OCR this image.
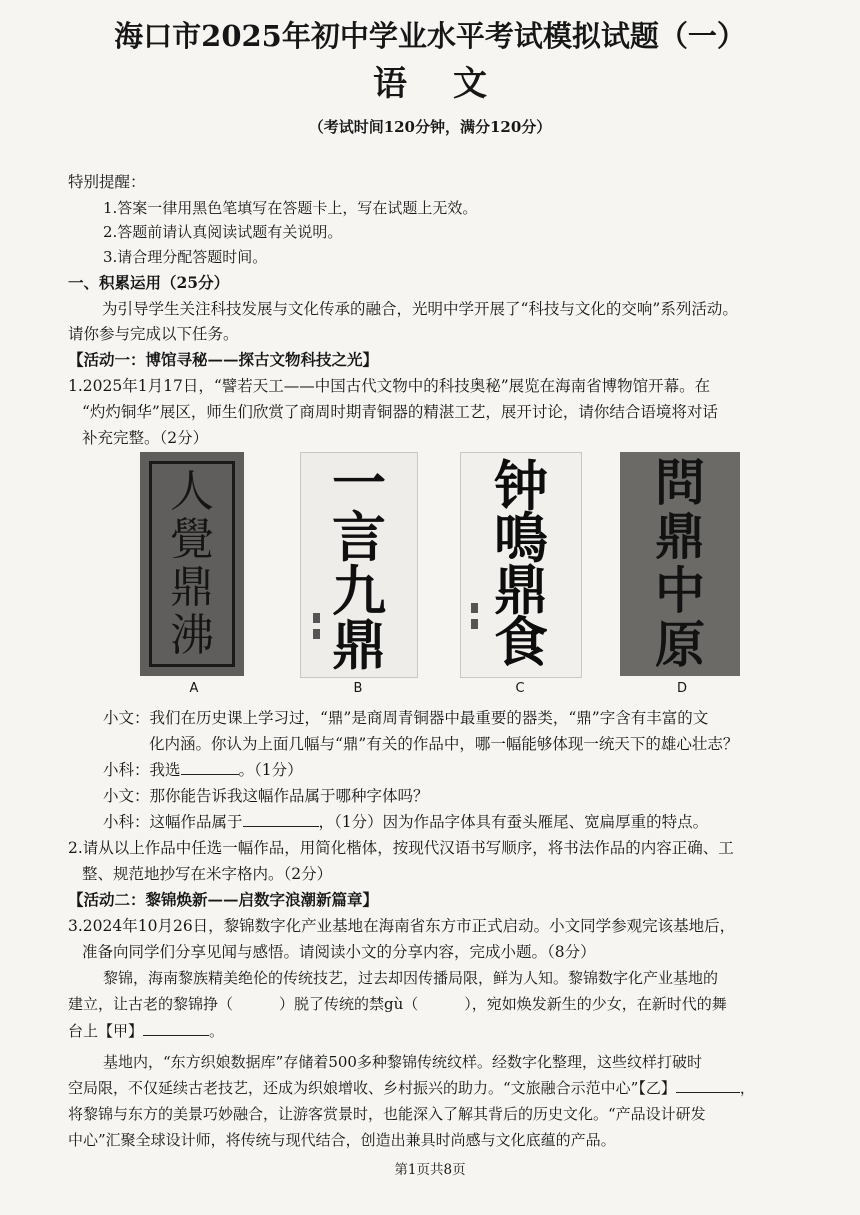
海口市2025年初中学业水平考试模拟试题（一）
语文
（考试时间120分钟，满分120分）
特别提醒：
1.答案一律用黑色笔填写在答题卡上，写在试题上无效。
2.答题前请认真阅读试题有关说明。
3.请合理分配答题时间。
一、积累运用（25分）
为引导学生关注科技发展与文化传承的融合，光明中学开展了“科技与文化的交响”系列活动。
请你参与完成以下任务。
【活动一：博馆寻秘——探古文物科技之光】
1.2025年1月17日，“譬若天工——中国古代文物中的科技奥秘”展览在海南省博物馆开幕。在
“灼灼铜华”展区，师生们欣赏了商周时期青铜器的精湛工艺，展开讨论，请你结合语境将对话
补充完整。（2分）
人
覺
鼎
沸
一
言
九
鼎
钟
鳴
鼎
食
問
鼎
中
原
A	B	C	D
小文：我们在历史课上学习过，“鼎”是商周青铜器中最重要的器类，“鼎”字含有丰富的文
化内涵。你认为上面几幅与“鼎”有关的作品中，哪一幅能够体现一统天下的雄心壮志？
小科：我选	。（1分）
小文：那你能告诉我这幅作品属于哪种字体吗？
小科：这幅作品属于	，（1分）因为作品字体具有蚕头雁尾、宽扁厚重的特点。
2.请从以上作品中任选一幅作品，用简化楷体，按现代汉语书写顺序，将书法作品的内容正确、工
整、规范地抄写在米字格内。（2分）
【活动二：黎锦焕新——启数字浪潮新篇章】
3.2024年10月26日，黎锦数字化产业基地在海南省东方市正式启动。小文同学参观完该基地后，
准备向同学们分享见闻与感悟。请阅读小文的分享内容，完成小题。（8分）
黎锦，海南黎族精美绝伦的传统技艺，过去却因传播局限，鲜为人知。黎锦数字化产业基地的
建立，让古老的黎锦挣（	）脱了传统的禁gù（	），宛如焕发新生的少女，在新时代的舞
台上【甲】	。
基地内，“东方织娘数据库”存储着500多种黎锦传统纹样。经数字化整理，这些纹样打破时
空局限，不仅延续古老技艺，还成为织娘增收、乡村振兴的助力。“文旅融合示范中心”【乙】	，
将黎锦与东方的美景巧妙融合，让游客赏景时，也能深入了解其背后的历史文化。“产品设计研发
中心”汇聚全球设计师，将传统与现代结合，创造出兼具时尚感与文化底蕴的产品。
第1页共8页
